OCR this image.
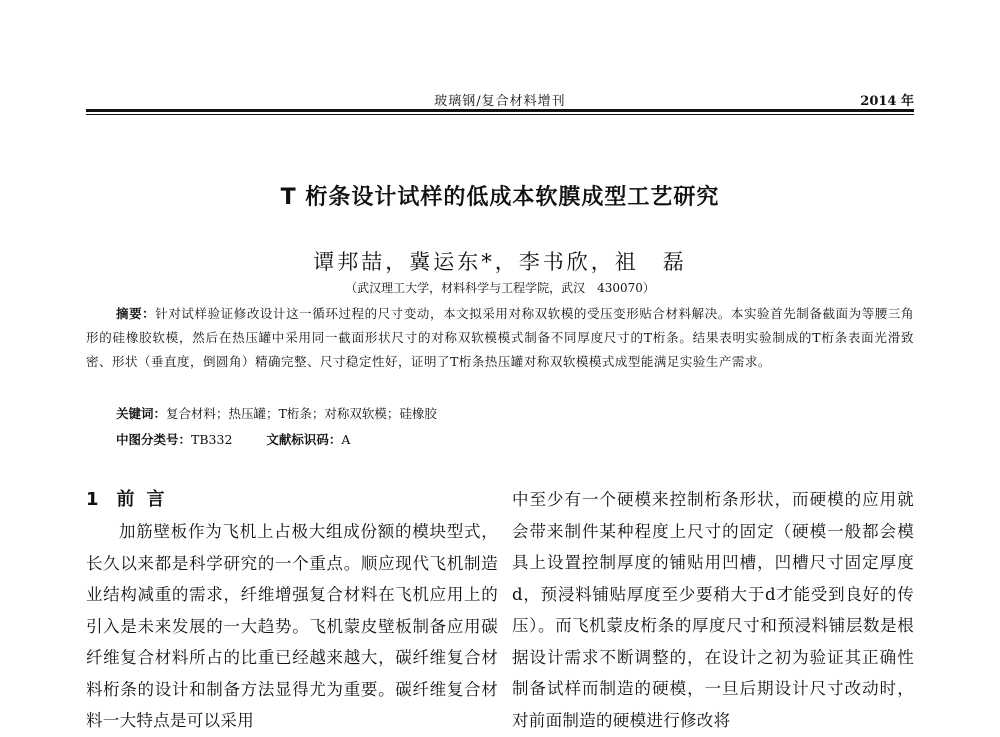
玻璃钢/复合材料增刊	2014 年
T 桁条设计试样的低成本软膜成型工艺研究
谭邦喆，冀运东*，李书欣，祖　磊
（武汉理工大学，材料科学与工程学院，武汉　430070）
摘要：针对试样验证修改设计这一循环过程的尺寸变动，本文拟采用对称双软模的受压变形贴合材料解决。本实验首先制备截面为等腰三角形的硅橡胶软模，然后在热压罐中采用同一截面形状尺寸的对称双软模模式制备不同厚度尺寸的T桁条。结果表明实验制成的T桁条表面光滑致密、形状（垂直度，倒圆角）精确完整、尺寸稳定性好，证明了T桁条热压罐对称双软模模式成型能满足实验生产需求。
关键词：复合材料；热压罐；T桁条；对称双软模；硅橡胶
中图分类号：TB332	文献标识码：A
1 前言
加筋壁板作为飞机上占极大组成份额的模块型式，长久以来都是科学研究的一个重点。顺应现代飞机制造业结构减重的需求，纤维增强复合材料在飞机应用上的引入是未来发展的一大趋势。飞机蒙皮壁板制备应用碳纤维复合材料所占的比重已经越来越大，碳纤维复合材料桁条的设计和制备方法显得尤为重要。碳纤维复合材料一大特点是可以采用
中至少有一个硬模来控制桁条形状，而硬模的应用就会带来制件某种程度上尺寸的固定（硬模一般都会模具上设置控制厚度的铺贴用凹槽，凹槽尺寸固定厚度d，预浸料铺贴厚度至少要稍大于d才能受到良好的传压）。而飞机蒙皮桁条的厚度尺寸和预浸料铺层数是根据设计需求不断调整的，在设计之初为验证其正确性制备试样而制造的硬模，一旦后期设计尺寸改动时，对前面制造的硬模进行修改将
